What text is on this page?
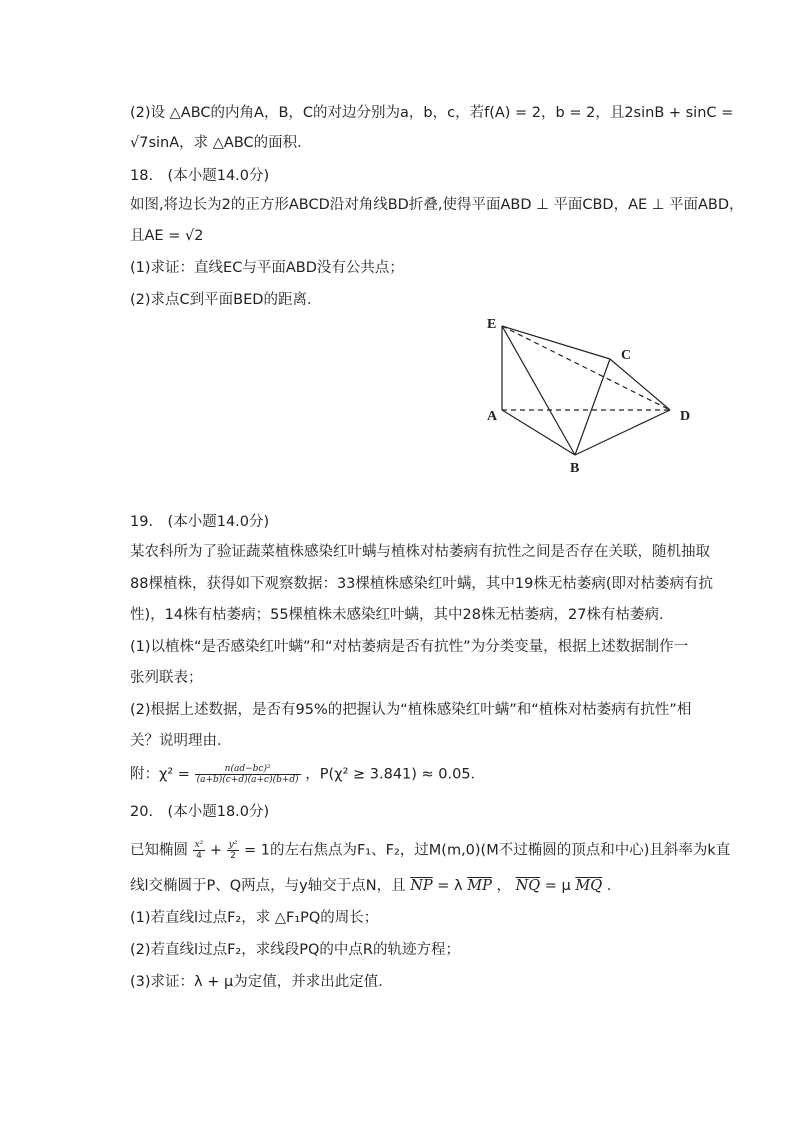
(2)设 △ABC的内角A，B，C的对边分别为a，b，c，若f(A) = 2，b = 2，且2sinB + sinC =
√7sinA，求 △ABC的面积．
18.　(本小题14.0分)
如图,将边长为2的正方形ABCD沿对角线BD折叠,使得平面ABD ⊥ 平面CBD，AE ⊥ 平面ABD，
且AE = √2
(1)求证：直线EC与平面ABD没有公共点；
(2)求点C到平面BED的距离．
E
A
B
C
D
19.　(本小题14.0分)
某农科所为了验证蔬菜植株感染红叶螨与植株对枯萎病有抗性之间是否存在关联，随机抽取
88棵植株，获得如下观察数据：33棵植株感染红叶螨，其中19株无枯萎病(即对枯萎病有抗
性)，14株有枯萎病；55棵植株未感染红叶螨，其中28株无枯萎病，27株有枯萎病．
(1)以植株“是否感染红叶螨”和“对枯萎病是否有抗性”为分类变量，根据上述数据制作一
张列联表；
(2)根据上述数据，是否有95%的把握认为“植株感染红叶螨”和“植株对枯萎病有抗性”相
关？说明理由．
附：$\chi^2 = \frac{\text{n(ad−bc)²}}{(a+b)(c+d)(a+c)(b+d)}$ ，P(χ² ≥ 3.841) ≈ 0.05．
20.　(本小题18.0分)
已知椭圆 $\frac{\text{x²}}{4} + \frac{\text{y²}}{2} = 1$的左右焦点为F₁、F₂，过M(m,0)(M不过椭圆的顶点和中心)且斜率为k直
线l交椭圆于P、Q两点，与y轴交于点N，且 $\overline{NP} = \lambda$ $\overline{MP}$ ， $\overline{NQ} = \mu$ $\overline{MQ}$ ．
(1)若直线l过点F₂，求 △F₁PQ的周长；
(2)若直线l过点F₂，求线段PQ的中点R的轨迹方程；
(3)求证：λ + μ为定值，并求出此定值．
